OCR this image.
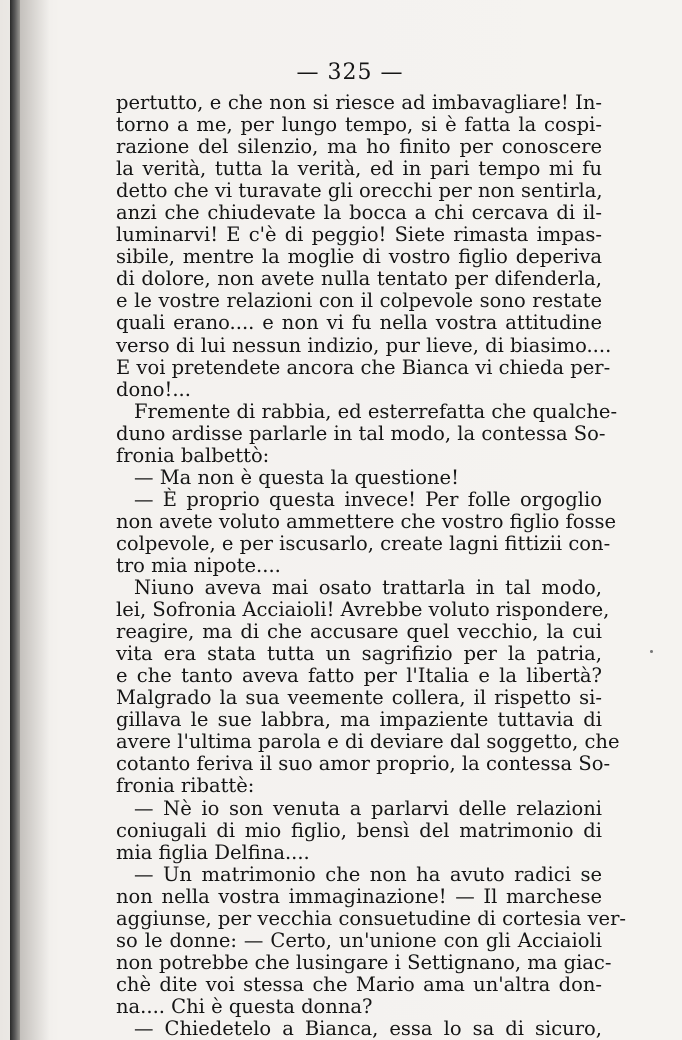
— 325 —
pertutto, e che non si riesce ad imbavagliare! In-
torno a me, per lungo tempo, si è fatta la cospi-
razione del silenzio, ma ho finito per conoscere
la verità, tutta la verità, ed in pari tempo mi fu
detto che vi turavate gli orecchi per non sentirla,
anzi che chiudevate la bocca a chi cercava di il-
luminarvi! E c'è di peggio! Siete rimasta impas-
sibile, mentre la moglie di vostro figlio deperiva
di dolore, non avete nulla tentato per difenderla,
e le vostre relazioni con il colpevole sono restate
quali erano.... e non vi fu nella vostra attitudine
verso di lui nessun indizio, pur lieve, di biasimo....
E voi pretendete ancora che Bianca vi chieda per-
dono!...
Fremente di rabbia, ed esterrefatta che qualche-
duno ardisse parlarle in tal modo, la contessa So-
fronia balbettò:
— Ma non è questa la questione!
— È proprio questa invece! Per folle orgoglio
non avete voluto ammettere che vostro figlio fosse
colpevole, e per iscusarlo, create lagni fittizii con-
tro mia nipote....
Niuno aveva mai osato trattarla in tal modo,
lei, Sofronia Acciaioli! Avrebbe voluto rispondere,
reagire, ma di che accusare quel vecchio, la cui
vita era stata tutta un sagrifizio per la patria,
e che tanto aveva fatto per l'Italia e la libertà?
Malgrado la sua veemente collera, il rispetto si-
gillava le sue labbra, ma impaziente tuttavia di
avere l'ultima parola e di deviare dal soggetto, che
cotanto feriva il suo amor proprio, la contessa So-
fronia ribattè:
— Nè io son venuta a parlarvi delle relazioni
coniugali di mio figlio, bensì del matrimonio di
mia figlia Delfina....
— Un matrimonio che non ha avuto radici se
non nella vostra immaginazione! — Il marchese
aggiunse, per vecchia consuetudine di cortesia ver-
so le donne: — Certo, un'unione con gli Acciaioli
non potrebbe che lusingare i Settignano, ma giac-
chè dite voi stessa che Mario ama un'altra don-
na.... Chi è questa donna?
— Chiedetelo a Bianca, essa lo sa di sicuro,
